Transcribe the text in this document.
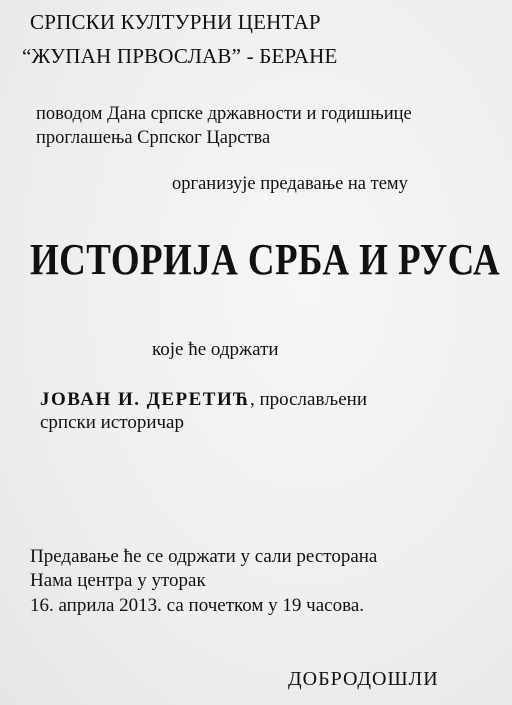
СРПСКИ КУЛТУРНИ ЦЕНТАР
“ЖУПАН ПРВОСЛАВ” - БЕРАНЕ
поводом Дана српске државности и годишњице
проглашења Српског Царства
организује предавање на тему
ИСТОРИЈА СРБА И РУСА
које ће одржати
ЈОВАН И. ДЕРЕТИЋ, прослављени
српски историчар
Предавање ће се одржати у сали ресторана
Нама центра у уторак
16. априла 2013. са почетком у 19 часова.
ДОБРОДОШЛИ
